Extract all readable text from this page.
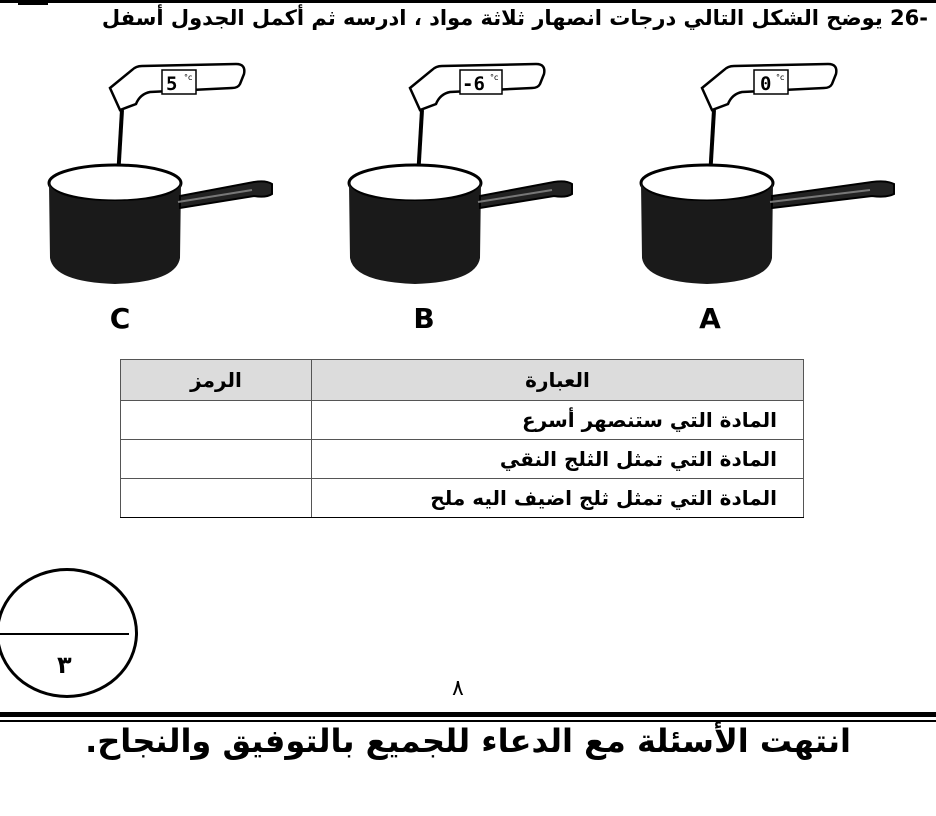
-26 يوضح الشكل التالي درجات انصهار ثلاثة مواد ، ادرسه ثم أكمل الجدول أسفل
5 °c
C
-6 °c
B
0 °c
A
العبارة	الرمز
المادة التي ستنصهر أسرع	
المادة التي تمثل الثلج النقي	
المادة التي تمثل ثلج اضيف اليه ملح	
٣
٨
انتهت الأسئلة مع الدعاء للجميع بالتوفيق والنجاح.
